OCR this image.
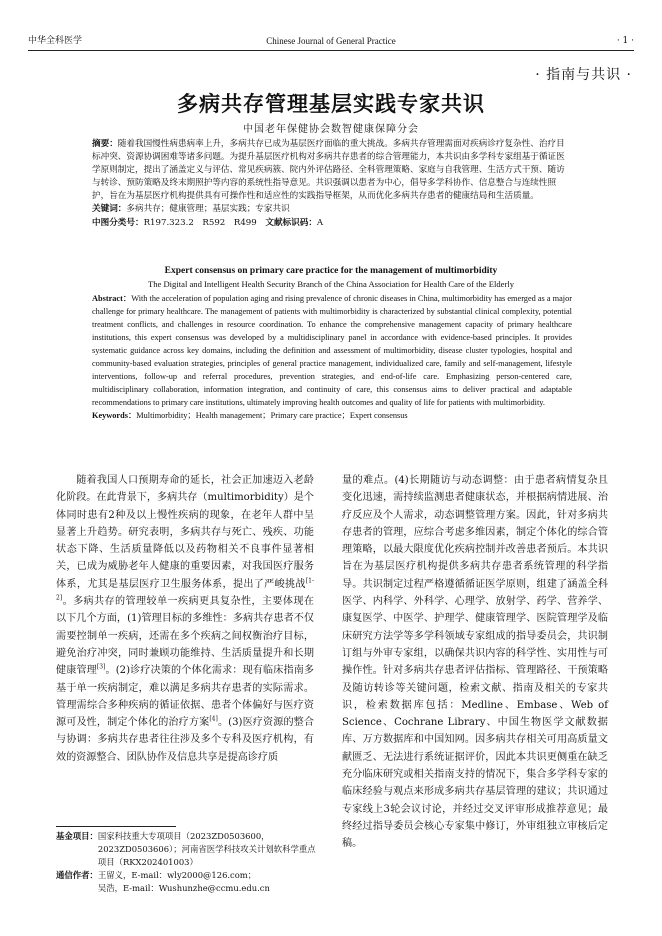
中华全科医学	Chinese Journal of General Practice	· 1 ·
· 指南与共识 ·
多病共存管理基层实践专家共识
中国老年保健协会数智健康保障分会

摘要：随着我国慢性病患病率上升，多病共存已成为基层医疗面临的重大挑战。多病共存管理需面对疾病诊疗复杂性、治疗目标冲突、资源协调困难等诸多问题。为提升基层医疗机构对多病共存患者的综合管理能力，本共识由多学科专家组基于循证医学原则制定，提出了涵盖定义与评估、常见疾病簇、院内外评估路径、全科管理策略、家庭与自我管理、生活方式干预、随访与转诊、预防策略及终末期照护等内容的系统性指导意见。共识强调以患者为中心，倡导多学科协作、信息整合与连续性照护，旨在为基层医疗机构提供具有可操作性和适应性的实践指导框架，从而优化多病共存患者的健康结局和生活质量。

关键词：多病共存；健康管理；基层实践；专家共识

中图分类号：R197.323.2　R592　R499　 文献标识码：A

Expert consensus on primary care practice for the management of multimorbidity
The Digital and Intelligent Health Security Branch of the China Association for Health Care of the Elderly

Abstract：With the acceleration of population aging and rising prevalence of chronic diseases in China, multimorbidity has emerged as a major challenge for primary healthcare. The management of patients with multimorbidity is characterized by substantial clinical complexity, potential treatment conflicts, and challenges in resource coordination. To enhance the comprehensive management capacity of primary healthcare institutions, this expert consensus was developed by a multidisciplinary panel in accordance with evidence-based principles. It provides systematic guidance across key domains, including the definition and assessment of multimorbidity, disease cluster typologies, hospital and community-based evaluation strategies, principles of general practice management, individualized care, family and self-management, lifestyle interventions, follow-up and referral procedures, prevention strategies, and end-of-life care. Emphasizing person-centered care, multidisciplinary collaboration, information integration, and continuity of care, this consensus aims to deliver practical and adaptable recommendations to primary care institutions, ultimately improving health outcomes and quality of life for patients with multimorbidity.

Keywords：Multimorbidity；Health management；Primary care practice；Expert consensus

随着我国人口预期寿命的延长，社会正加速迈入老龄化阶段。在此背景下，多病共存（multimorbidity）是个体同时患有2种及以上慢性疾病的现象，在老年人群中呈显著上升趋势。研究表明，多病共存与死亡、残疾、功能状态下降、生活质量降低以及药物相关不良事件显著相关，已成为威胁老年人健康的重要因素，对我国医疗服务体系，尤其是基层医疗卫生服务体系，提出了严峻挑战[1-2]。多病共存的管理较单一疾病更具复杂性，主要体现在以下几个方面，(1)管理目标的多维性：多病共存患者不仅需要控制单一疾病，还需在多个疾病之间权衡治疗目标，避免治疗冲突，同时兼顾功能维持、生活质量提升和长期健康管理[3]。(2)诊疗决策的个体化需求：现有临床指南多基于单一疾病制定，难以满足多病共存患者的实际需求。管理需综合多种疾病的循证依据、患者个体偏好与医疗资源可及性，制定个体化的治疗方案[4]。(3)医疗资源的整合与协调：多病共存患者往往涉及多个专科及医疗机构，有效的资源整合、团队协作及信息共享是提高诊疗质

量的难点。(4)长期随访与动态调整：由于患者病情复杂且变化迅速，需持续监测患者健康状态，并根据病情进展、治疗反应及个人需求，动态调整管理方案。因此，针对多病共存患者的管理，应综合考虑多维因素，制定个体化的综合管理策略，以最大限度优化疾病控制并改善患者预后。本共识旨在为基层医疗机构提供多病共存患者系统管理的科学指导。共识制定过程严格遵循循证医学原则，组建了涵盖全科医学、内科学、外科学、心理学、放射学、药学、营养学、康复医学、中医学、护理学、健康管理学、医院管理学及临床研究方法学等多学科领域专家组成的指导委员会，共识制订组与外审专家组，以确保共识内容的科学性、实用性与可操作性。针对多病共存患者评估指标、管理路径、干预策略及随访转诊等关键问题，检索文献、指南及相关的专家共识，检索数据库包括：Medline、Embase、Web of Science、Cochrane Library、中国生物医学文献数据库、万方数据库和中国知网。因多病共存相关可用高质量文献匮乏、无法进行系统证据评价，因此本共识更侧重在缺乏充分临床研究或相关指南支持的情况下，集合多学科专家的临床经验与观点来形成多病共存基层管理的建议；共识通过专家线上3轮会议讨论，并经过交叉评审形成推荐意见；最终经过指导委员会核心专家集中修订，外审组独立审核后定稿。

基金项目： 国家科技重大专项项目（2023ZD0503600，2023ZD0503606）；河南省医学科技攻关计划软科学重点项目（RKX202401003）
通信作者： 王留义，E-mail：wly2000@126.com；
吴浩，E-mail：Wushunzhe@ccmu.edu.cn
